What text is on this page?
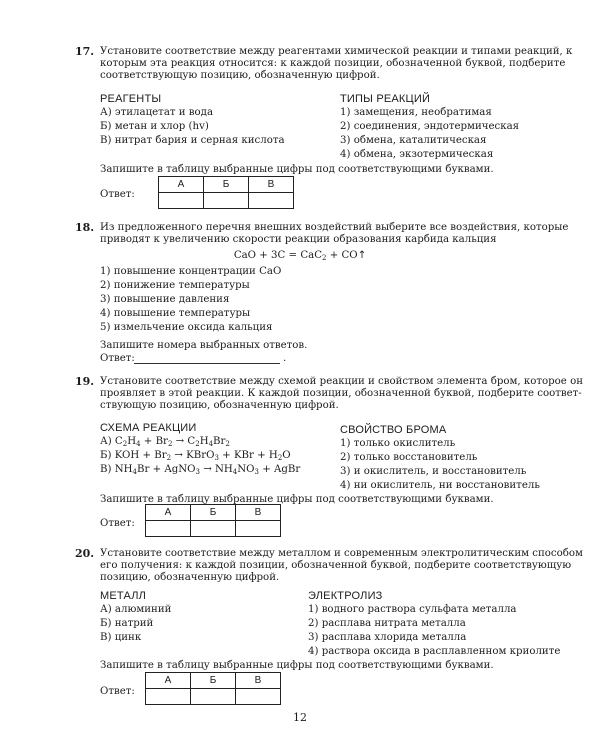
17. Установите соответствие между реагентами химической реакции и типами реакций, к
которым эта реакция относится: к каждой позиции, обозначенной буквой, подберите
соответствующую позицию, обозначенную цифрой.
РЕАГЕНТЫ	ТИПЫ РЕАКЦИЙ
А) этилацетат и вода
Б) метан и хлор (hv)
В) нитрат бария и серная кислота
1) замещения, необратимая
2) соединения, эндотермическая
3) обмена, каталитическая
4) обмена, экзотермическая
Запишите в таблицу выбранные цифры под соответствующими буквами.
Ответ:
А	Б	В

18. Из предложенного перечня внешних воздействий выберите все воздействия, которые
приводят к увеличению скорости реакции образования карбида кальция
CaO + 3C = CaC$_2$ + CO↑
1) повышение концентрации CaO
2) понижение температуры
3) повышение давления
4) повышение температуры
5) измельчение оксида кальция
Запишите номера выбранных ответов.
Ответ:	.
19. Установите соответствие между схемой реакции и свойством элемента бром, которое он
проявляет в этой реакции. К каждой позиции, обозначенной буквой, подберите соответ-
ствующую позицию, обозначенную цифрой.
СХЕМА РЕАКЦИИ	СВОЙСТВО БРОМА
А) $C_2H_4 + Br_2 \to C_2H_4Br_2$
Б) KOH + $Br_2$ → KBrO$_3$ + KBr + $H_2O$
В) $NH_4Br$ + AgNO$_3$ → $NH_4NO_3$ + AgBr
1) только окислитель
2) только восстановитель
3) и окислитель, и восстановитель
4) ни окислитель, ни восстановитель
Запишите в таблицу выбранные цифры под соответствующими буквами.
Ответ:
А	Б	В

20. Установите соответствие между металлом и современным электролитическим способом
его получения: к каждой позиции, обозначенной буквой, подберите соответствующую
позицию, обозначенную цифрой.
МЕТАЛЛ	ЭЛЕКТРОЛИЗ
А) алюминий
Б) натрий
В) цинк
1) водного раствора сульфата металла
2) расплава нитрата металла
3) расплава хлорида металла
4) раствора оксида в расплавленном криолите
Запишите в таблицу выбранные цифры под соответствующими буквами.
Ответ:
А	Б	В

12
